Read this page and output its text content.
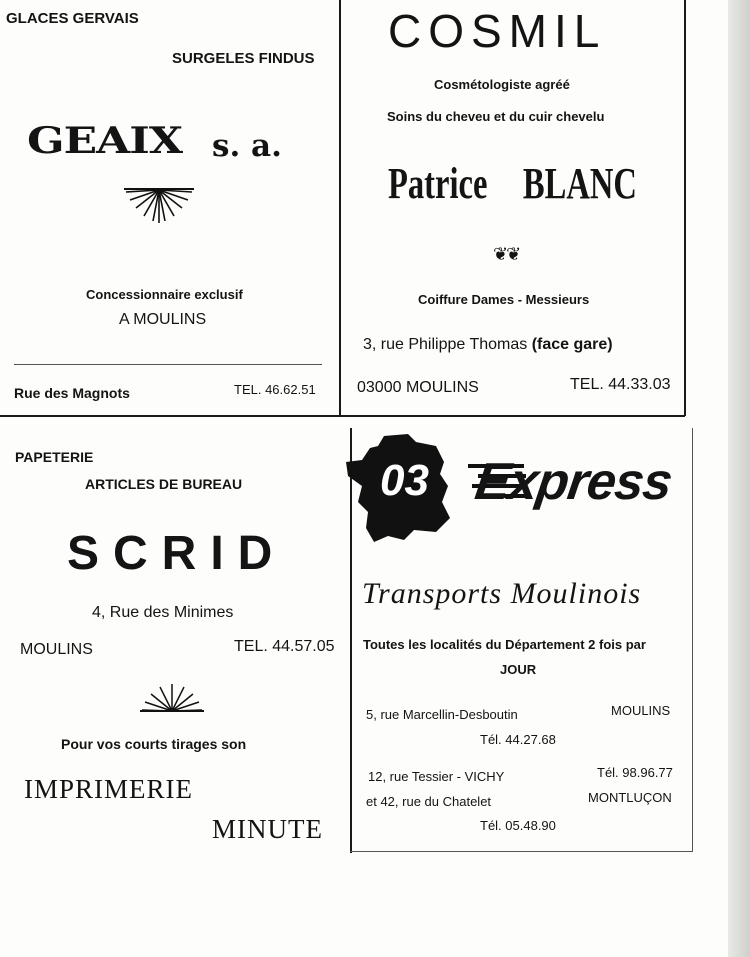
GLACES GERVAIS
SURGELES FINDUS
GEAIX s. a.
Concessionnaire exclusif
A MOULINS
Rue des Magnots	TEL. 46.62.51
COSMIL
Cosmétologiste agréé
Soins du cheveu et du cuir chevelu
Patrice BLANC
❦❦
Coiffure Dames - Messieurs
3, rue Philippe Thomas (face gare)
03000 MOULINS	TEL. 44.33.03
PAPETERIE
ARTICLES DE BUREAU
SCRID
4, Rue des Minimes
MOULINS	TEL. 44.57.05
Pour vos courts tirages son
IMPRIMERIE
MINUTE
03 Express
Transports Moulinois
Toutes les localités du Département 2 fois par
JOUR
5, rue Marcellin-Desboutin	MOULINS
Tél. 44.27.68
12, rue Tessier - VICHY	Tél. 98.96.77
et 42, rue du Chatelet	MONTLUÇON
Tél. 05.48.90
